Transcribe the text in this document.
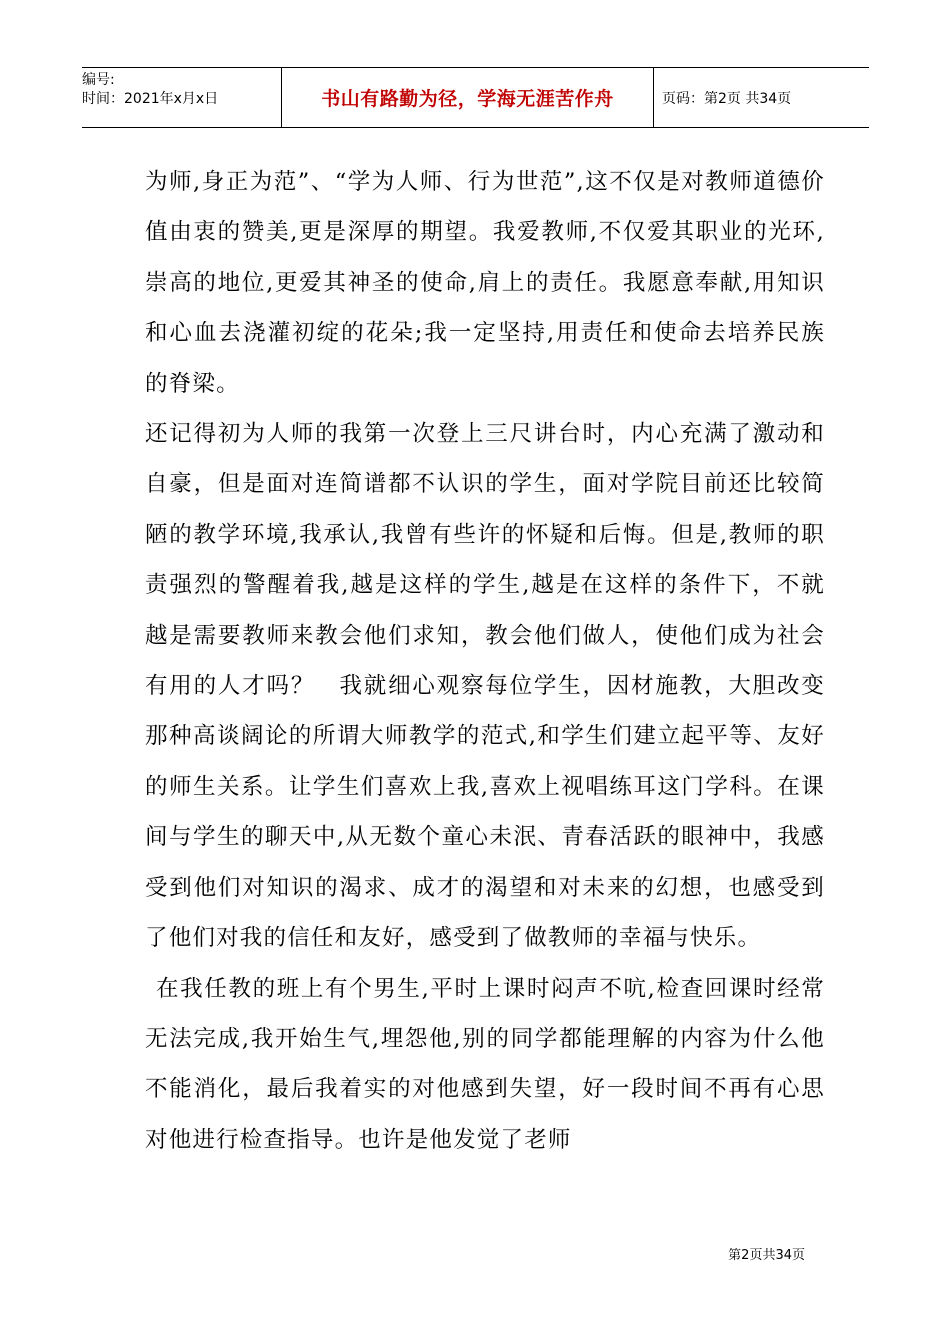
编号:
时间：2021年x月x日	书山有路勤为径，学海无涯苦作舟	页码：第2页 共34页

为师,身正为范”、“学为人师、行为世范”,这不仅是对教师道德价值由衷的赞美,更是深厚的期望。我爱教师,不仅爱其职业的光环,崇高的地位,更爱其神圣的使命,肩上的责任。我愿意奉献,用知识和心血去浇灌初绽的花朵;我一定坚持,用责任和使命去培养民族的脊梁。

还记得初为人师的我第一次登上三尺讲台时，内心充满了激动和自豪，但是面对连简谱都不认识的学生，面对学院目前还比较简陋的教学环境,我承认,我曾有些许的怀疑和后悔。但是,教师的职责强烈的警醒着我,越是这样的学生,越是在这样的条件下，不就越是需要教师来教会他们求知，教会他们做人，使他们成为社会有用的人才吗？　我就细心观察每位学生，因材施教，大胆改变那种高谈阔论的所谓大师教学的范式,和学生们建立起平等、友好的师生关系。让学生们喜欢上我,喜欢上视唱练耳这门学科。在课间与学生的聊天中,从无数个童心未泯、青春活跃的眼神中，我感受到他们对知识的渴求、成才的渴望和对未来的幻想，也感受到了他们对我的信任和友好，感受到了做教师的幸福与快乐。

在我任教的班上有个男生,平时上课时闷声不吭,检查回课时经常无法完成,我开始生气,埋怨他,别的同学都能理解的内容为什么他不能消化，最后我着实的对他感到失望，好一段时间不再有心思对他进行检查指导。也许是他发觉了老师

第2页共34页
